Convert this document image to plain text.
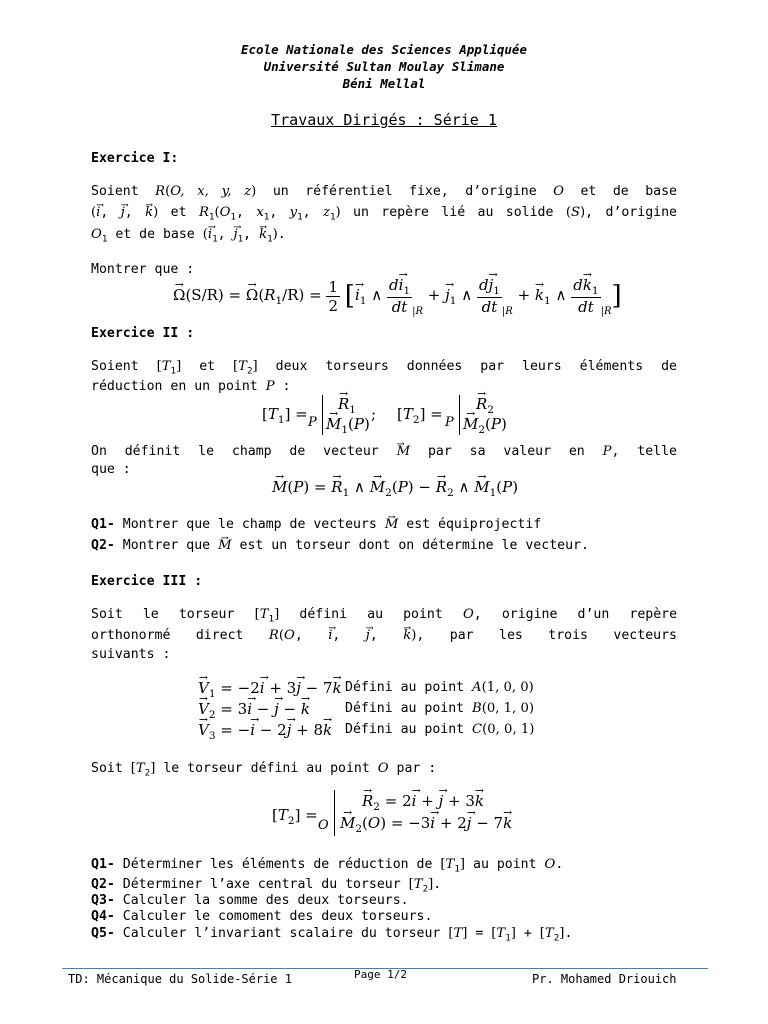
Ecole Nationale des Sciences Appliquée
Université Sultan Moulay Slimane
Béni Mellal
Travaux Dirigés : Série 1
Exercice I:
Soient R(O, x, y, z) un référentiel fixe, d’origine O et de base
(→ i, → j, → k) et $R_1(O_1$, $x_1$, $y_1$, $z_1$) un repère lié au solide (S), d’origine
$O_1$ et de base (→ $i_1$, → $j_1$, → $k_1$).
Montrer que :
→ Ω(S/R) = → $\Omega(R_1/R) = \frac{1}{2}$ [→ $i_1$ ∧ $\frac{d\to i_1}{dt} _{|R}$ + → $j_1$ ∧ $\frac{d\to j_1}{dt} _{|R}$ + → $k_1$ ∧ $\frac{d\to k_1}{dt} _{|R}$]
Exercice II :
Soient $[T_1]$ et $[T_2]$ deux torseurs données par leurs éléments de
réduction en un point P :
$[T_1] = P$
→ $R_1$
→ $M_1(P)$
; $[T_2] = P$
→ $R_2$
→ $M_2(P)$
On définit le champ de vecteur → M par sa valeur en P, telle
que :
→ M(P) = → $R_1$ ∧ → $M_2(P)$ − → $R_2$ ∧ → $M_1(P)$
Q1- Montrer que le champ de vecteurs → M est équiprojectif
Q2- Montrer que → M est un torseur dont on détermine le vecteur.
Exercice III :
Soit le torseur $[T_1]$ défini au point O, origine d’un repère
orthonormé direct R(O, → i, → j, → k), par les trois vecteurs
suivants :
→ $V_1 = -2\to i + 3\to j - 7\to k$ Défini au point A(1, 0, 0)
→ $V_2 = 3\to i$ − → j − → k	Défini au point B(0, 1, 0)
→ $V_3$ = −→ i − 2→ j + 8→ k Défini au point C(0, 0, 1)
Soit $[T_2]$ le torseur défini au point O par :
$[T_2]$ =
O
→ $R_2 = 2\to i$ + → j + 3→ k
→ $M_2(O) = -3\to i + 2\to j - 7\to k$
Q1- Déterminer les éléments de réduction de $[T_1]$ au point O.
Q2- Déterminer l’axe central du torseur $[T_2]$.
Q3- Calculer la somme des deux torseurs.
Q4- Calculer le comoment des deux torseurs.
Q5- Calculer l’invariant scalaire du torseur $[T] = [T_1] + [T_2]$.
TD: Mécanique du Solide-Série 1	Page 1/2	Pr. Mohamed Driouich
